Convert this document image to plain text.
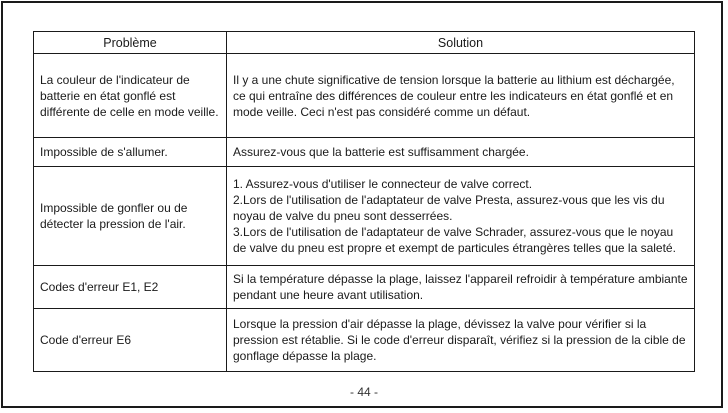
Problème	Solution
La couleur de l'indicateur de batterie en état gonflé est différente de celle en mode veille.	Il y a une chute significative de tension lorsque la batterie au lithium est déchargée, ce qui entraîne des différences de couleur entre les indicateurs en état gonflé et en mode veille. Ceci n'est pas considéré comme un défaut.

Impossible de s'allumer.	Assurez-vous que la batterie est suffisamment chargée.

Impossible de gonfler ou de détecter la pression de l'air.	1. Assurez-vous d'utiliser le connecteur de valve correct.
2.Lors de l'utilisation de l'adaptateur de valve Presta, assurez-vous que les vis du noyau de valve du pneu sont desserrées.
3.Lors de l'utilisation de l'adaptateur de valve Schrader, assurez-vous que le noyau de valve du pneu est propre et exempt de particules étrangères telles que la saleté.

Codes d'erreur E1, E2	Si la température dépasse la plage, laissez l'appareil refroidir à température ambiante pendant une heure avant utilisation.

Code d'erreur E6	Lorsque la pression d'air dépasse la plage, dévissez la valve pour vérifier si la pression est rétablie. Si le code d'erreur disparaît, vérifiez si la pression de la cible de gonflage dépasse la plage.
- 44 -
